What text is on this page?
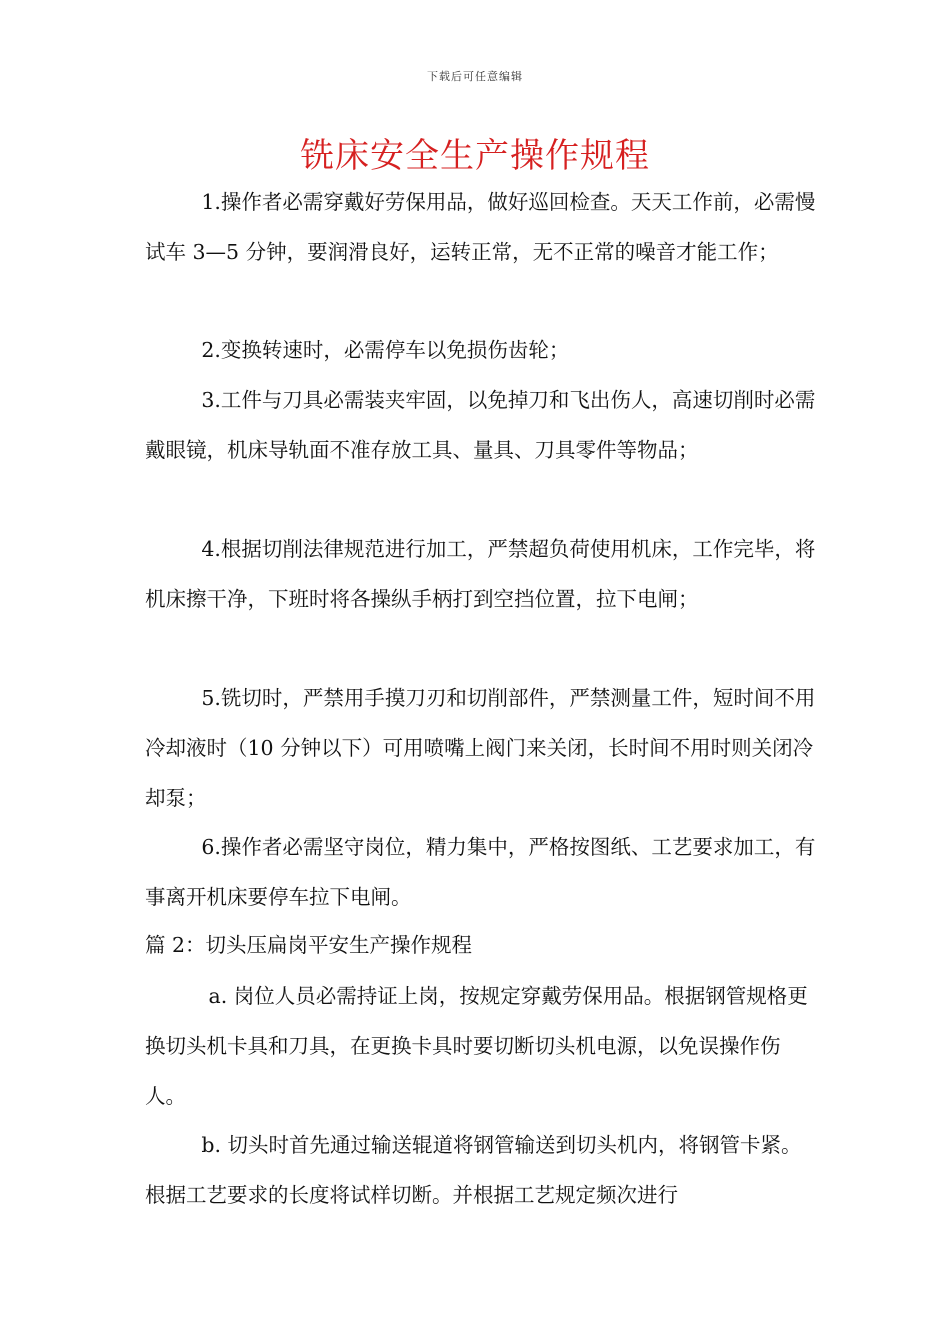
下载后可任意编辑
铣床安全生产操作规程

1.操作者必需穿戴好劳保用品，做好巡回检查。天天工作前，必需慢试车 3—5 分钟，要润滑良好，运转正常，无不正常的噪音才能工作；

2.变换转速时，必需停车以免损伤齿轮；

3.工件与刀具必需装夹牢固，以免掉刀和飞出伤人，高速切削时必需戴眼镜，机床导轨面不准存放工具、量具、刀具零件等物品；

4.根据切削法律规范进行加工，严禁超负荷使用机床，工作完毕，将机床擦干净，下班时将各操纵手柄打到空挡位置，拉下电闸；

5.铣切时，严禁用手摸刀刃和切削部件，严禁测量工件，短时间不用冷却液时（10 分钟以下）可用喷嘴上阀门来关闭，长时间不用时则关闭冷却泵；

6.操作者必需坚守岗位，精力集中，严格按图纸、工艺要求加工，有事离开机床要停车拉下电闸。

篇 2：切头压扁岗平安生产操作规程

a. 岗位人员必需持证上岗，按规定穿戴劳保用品。根据钢管规格更换切头机卡具和刀具，在更换卡具时要切断切头机电源，以免误操作伤人。

b. 切头时首先通过输送辊道将钢管输送到切头机内，将钢管卡紧。根据工艺要求的长度将试样切断。并根据工艺规定频次进行
